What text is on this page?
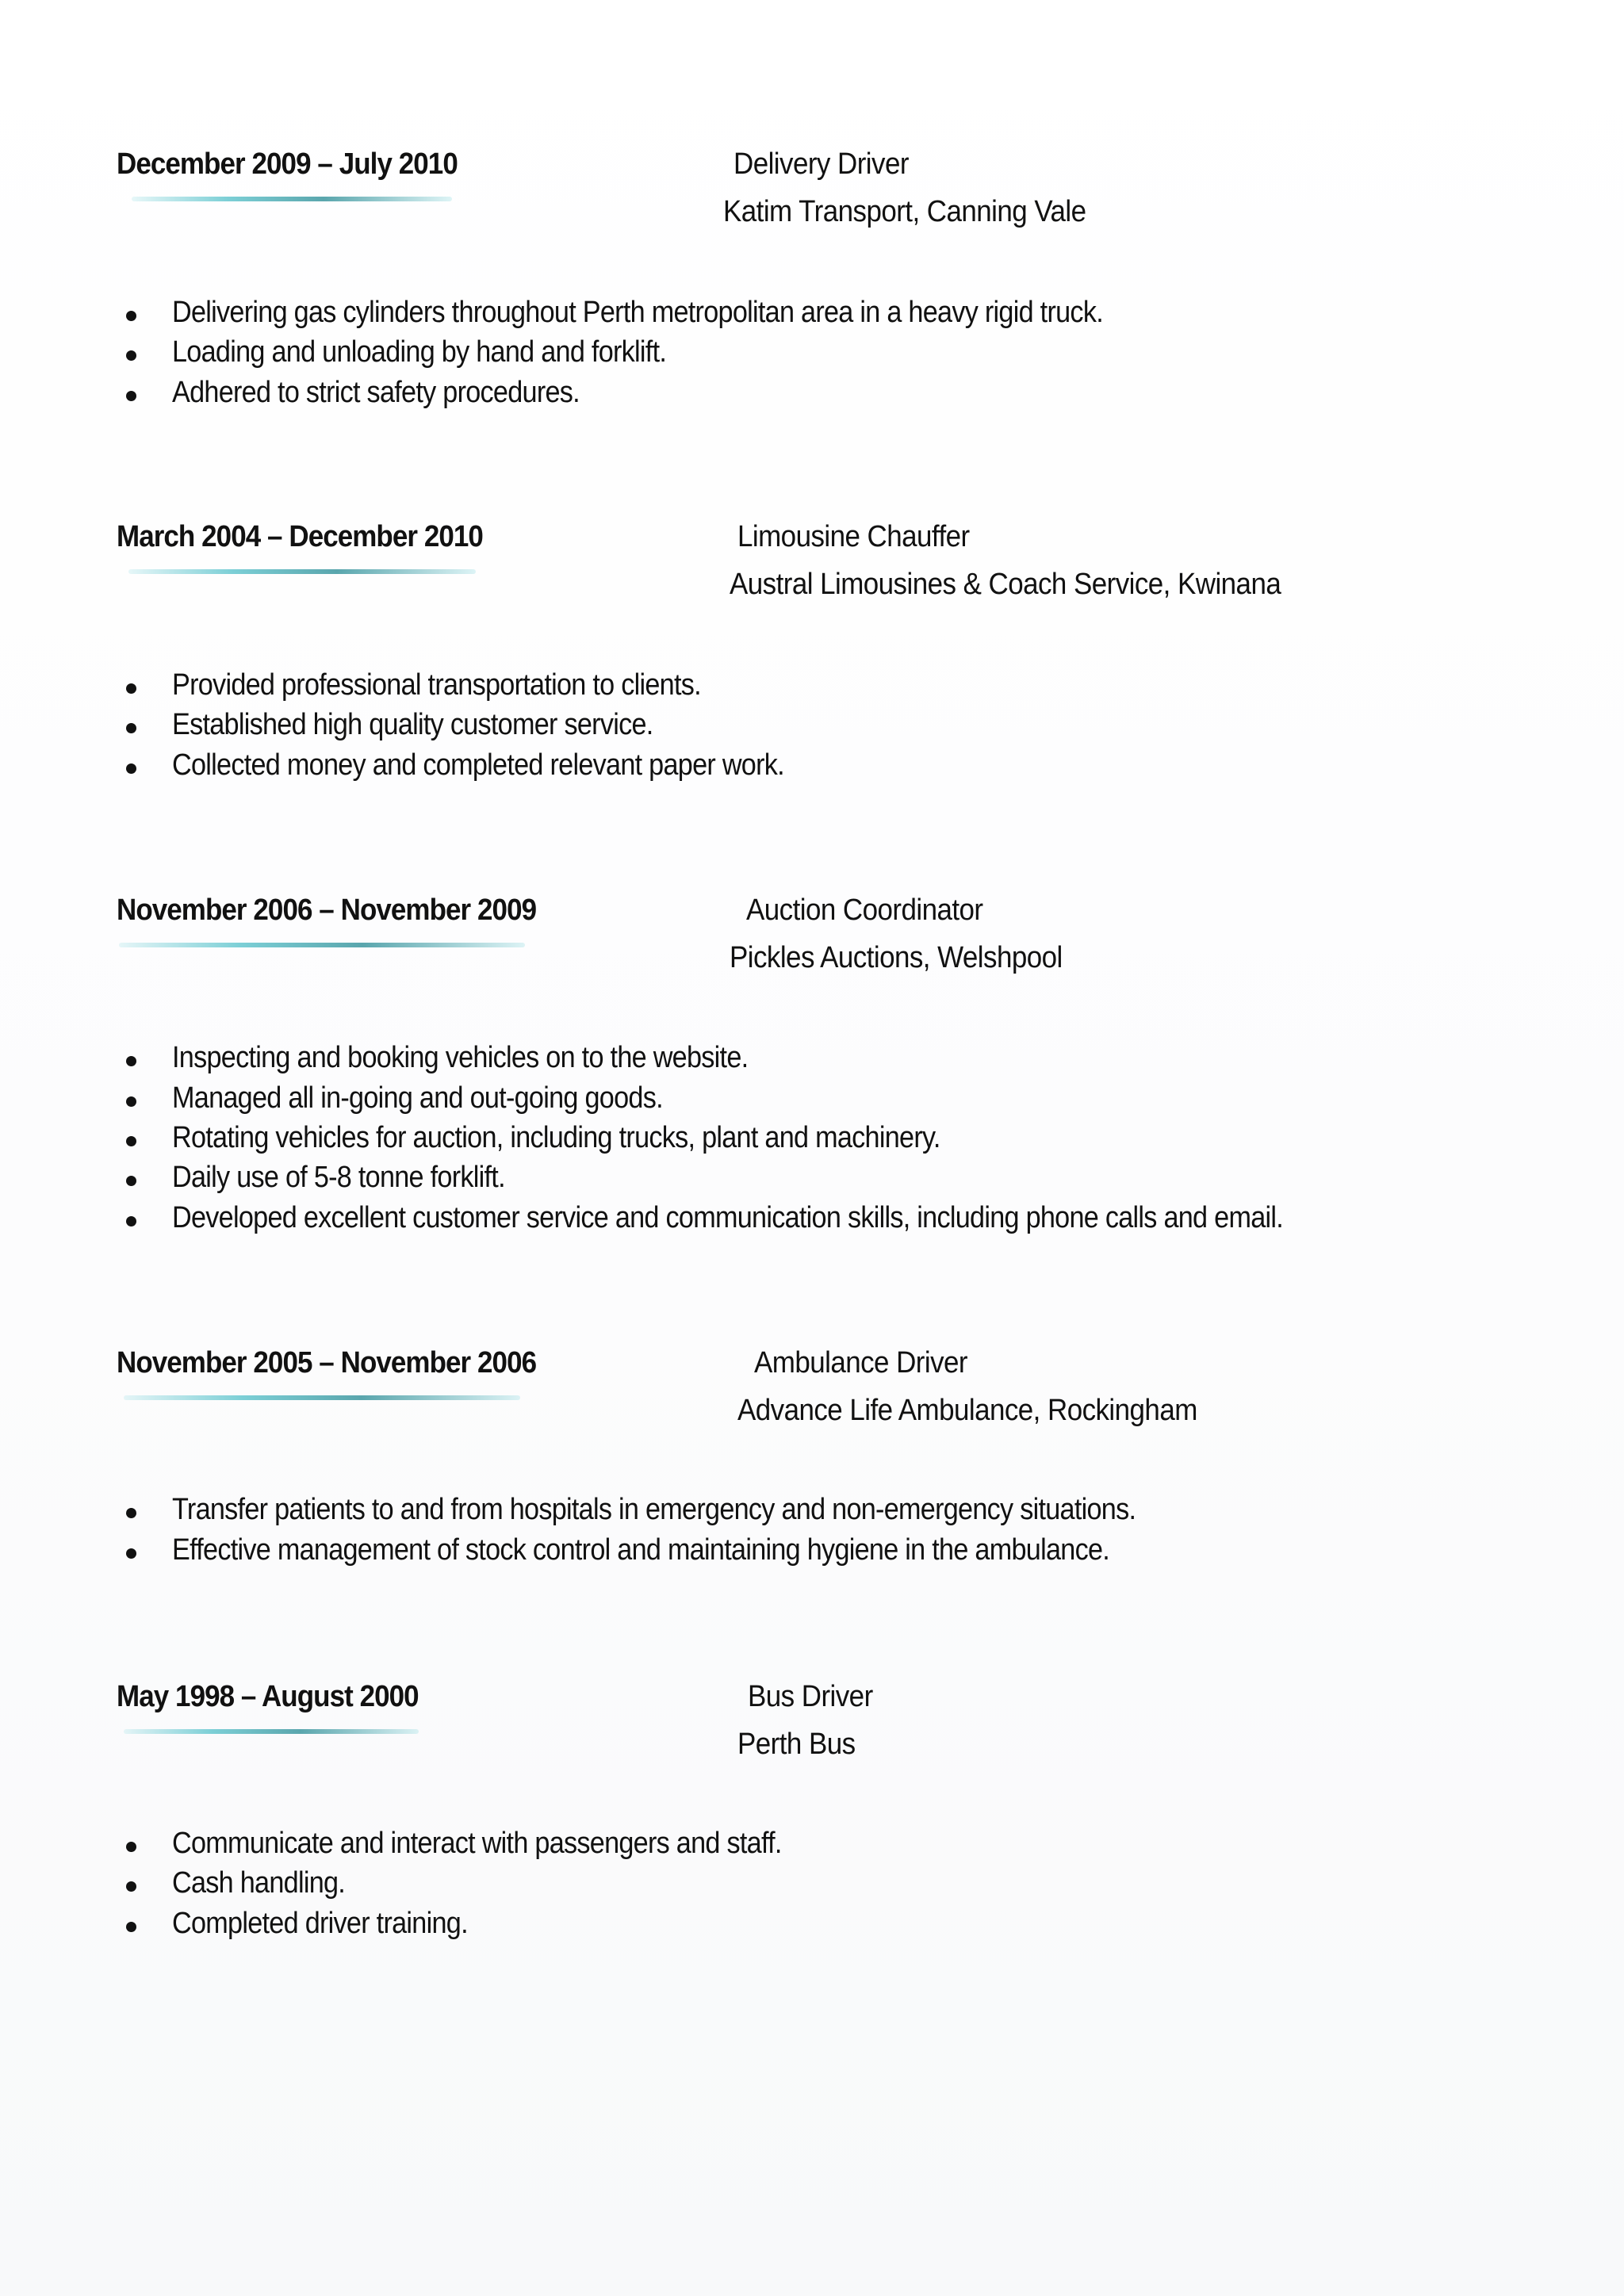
December 2009 – July 2010	Delivery Driver
Katim Transport, Canning Vale
Delivering gas cylinders throughout Perth metropolitan area in a heavy rigid truck.
Loading and unloading by hand and forklift.
Adhered to strict safety procedures.
March 2004 – December 2010	Limousine Chauffer
Austral Limousines & Coach Service, Kwinana
Provided professional transportation to clients.
Established high quality customer service.
Collected money and completed relevant paper work.
November 2006 – November 2009	Auction Coordinator
Pickles Auctions, Welshpool
Inspecting and booking vehicles on to the website.
Managed all in-going and out-going goods.
Rotating vehicles for auction, including trucks, plant and machinery.
Daily use of 5-8 tonne forklift.
Developed excellent customer service and communication skills, including phone calls and email.
November 2005 – November 2006	Ambulance Driver
Advance Life Ambulance, Rockingham
Transfer patients to and from hospitals in emergency and non-emergency situations.
Effective management of stock control and maintaining hygiene in the ambulance.
May 1998 – August 2000	Bus Driver
Perth Bus
Communicate and interact with passengers and staff.
Cash handling.
Completed driver training.
